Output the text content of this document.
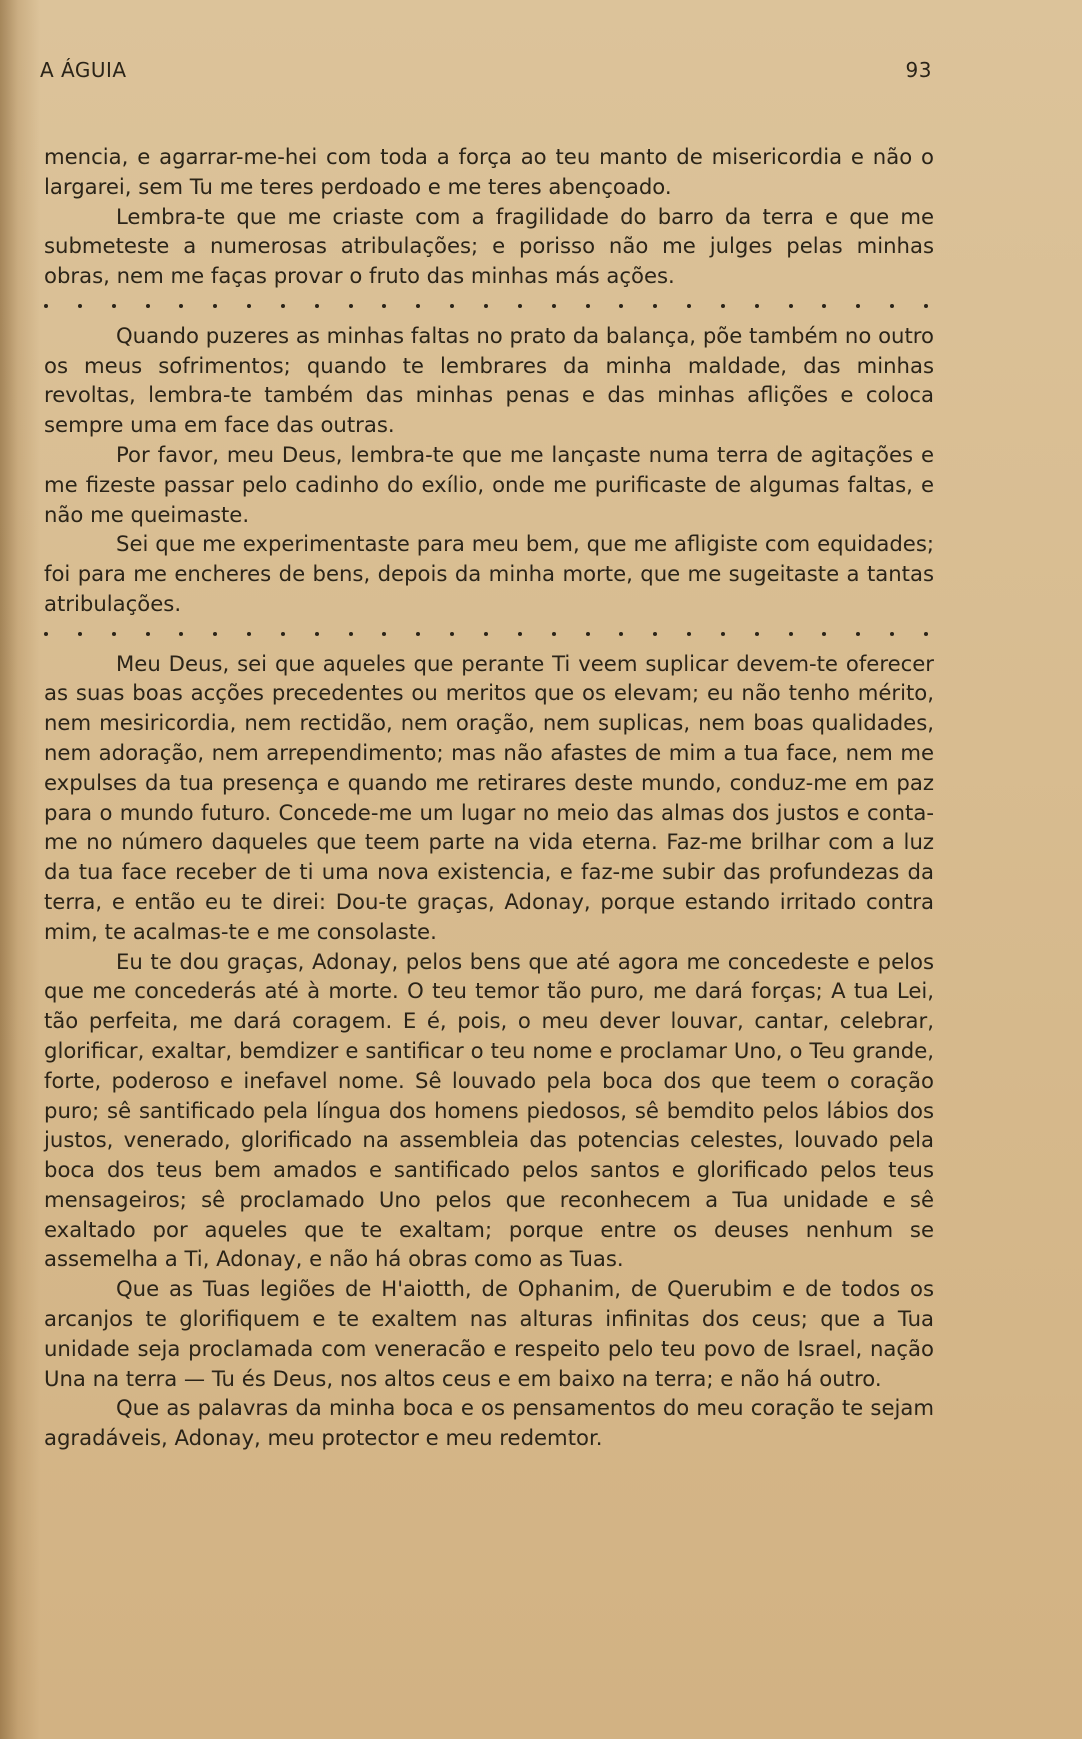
A ÁGUIA	93

mencia, e agarrar-me-hei com toda a força ao teu manto de misericordia e não o largarei, sem Tu me teres perdoado e me teres abençoado.

Lembra-te que me criaste com a fragilidade do barro da terra e que me submeteste a numerosas atribulações; e porisso não me julges pelas minhas obras, nem me faças provar o fruto das minhas más ações.

Quando puzeres as minhas faltas no prato da balança, põe também no outro os meus sofrimentos; quando te lembrares da minha maldade, das minhas revoltas, lembra-te também das minhas penas e das minhas aflições e coloca sempre uma em face das outras.

Por favor, meu Deus, lembra-te que me lançaste numa terra de agitações e me fizeste passar pelo cadinho do exílio, onde me purificaste de algumas faltas, e não me queimaste.

Sei que me experimentaste para meu bem, que me afligiste com equidades; foi para me encheres de bens, depois da minha morte, que me sugeitaste a tantas atribulações.

Meu Deus, sei que aqueles que perante Ti veem suplicar devem-te oferecer as suas boas acções precedentes ou meritos que os elevam; eu não tenho mérito, nem mesiricordia, nem rectidão, nem oração, nem suplicas, nem boas qualidades, nem adoração, nem arrependimento; mas não afastes de mim a tua face, nem me expulses da tua presença e quando me retirares deste mundo, conduz-me em paz para o mundo futuro. Concede-me um lugar no meio das almas dos justos e conta-me no número daqueles que teem parte na vida eterna. Faz-me brilhar com a luz da tua face receber de ti uma nova existencia, e faz-me subir das profundezas da terra, e então eu te direi: Dou-te graças, Adonay, porque estando irritado contra mim, te acalmas-te e me consolaste.

Eu te dou graças, Adonay, pelos bens que até agora me concedeste e pelos que me concederás até à morte. O teu temor tão puro, me dará forças; A tua Lei, tão perfeita, me dará coragem. E é, pois, o meu dever louvar, cantar, celebrar, glorificar, exaltar, bemdizer e santificar o teu nome e proclamar Uno, o Teu grande, forte, poderoso e inefavel nome. Sê louvado pela boca dos que teem o coração puro; sê santificado pela língua dos homens piedosos, sê bemdito pelos lábios dos justos, venerado, glorificado na assembleia das potencias celestes, louvado pela boca dos teus bem amados e santificado pelos santos e glorificado pelos teus mensageiros; sê proclamado Uno pelos que reconhecem a Tua unidade e sê exaltado por aqueles que te exaltam; porque entre os deuses nenhum se assemelha a Ti, Adonay, e não há obras como as Tuas.

Que as Tuas legiões de H'aiotth, de Ophanim, de Querubim e de todos os arcanjos te glorifiquem e te exaltem nas alturas infinitas dos ceus; que a Tua unidade seja proclamada com veneracão e respeito pelo teu povo de Israel, nação Una na terra — Tu és Deus, nos altos ceus e em baixo na terra; e não há outro.

Que as palavras da minha boca e os pensamentos do meu coração te sejam agradáveis, Adonay, meu protector e meu redemtor.
